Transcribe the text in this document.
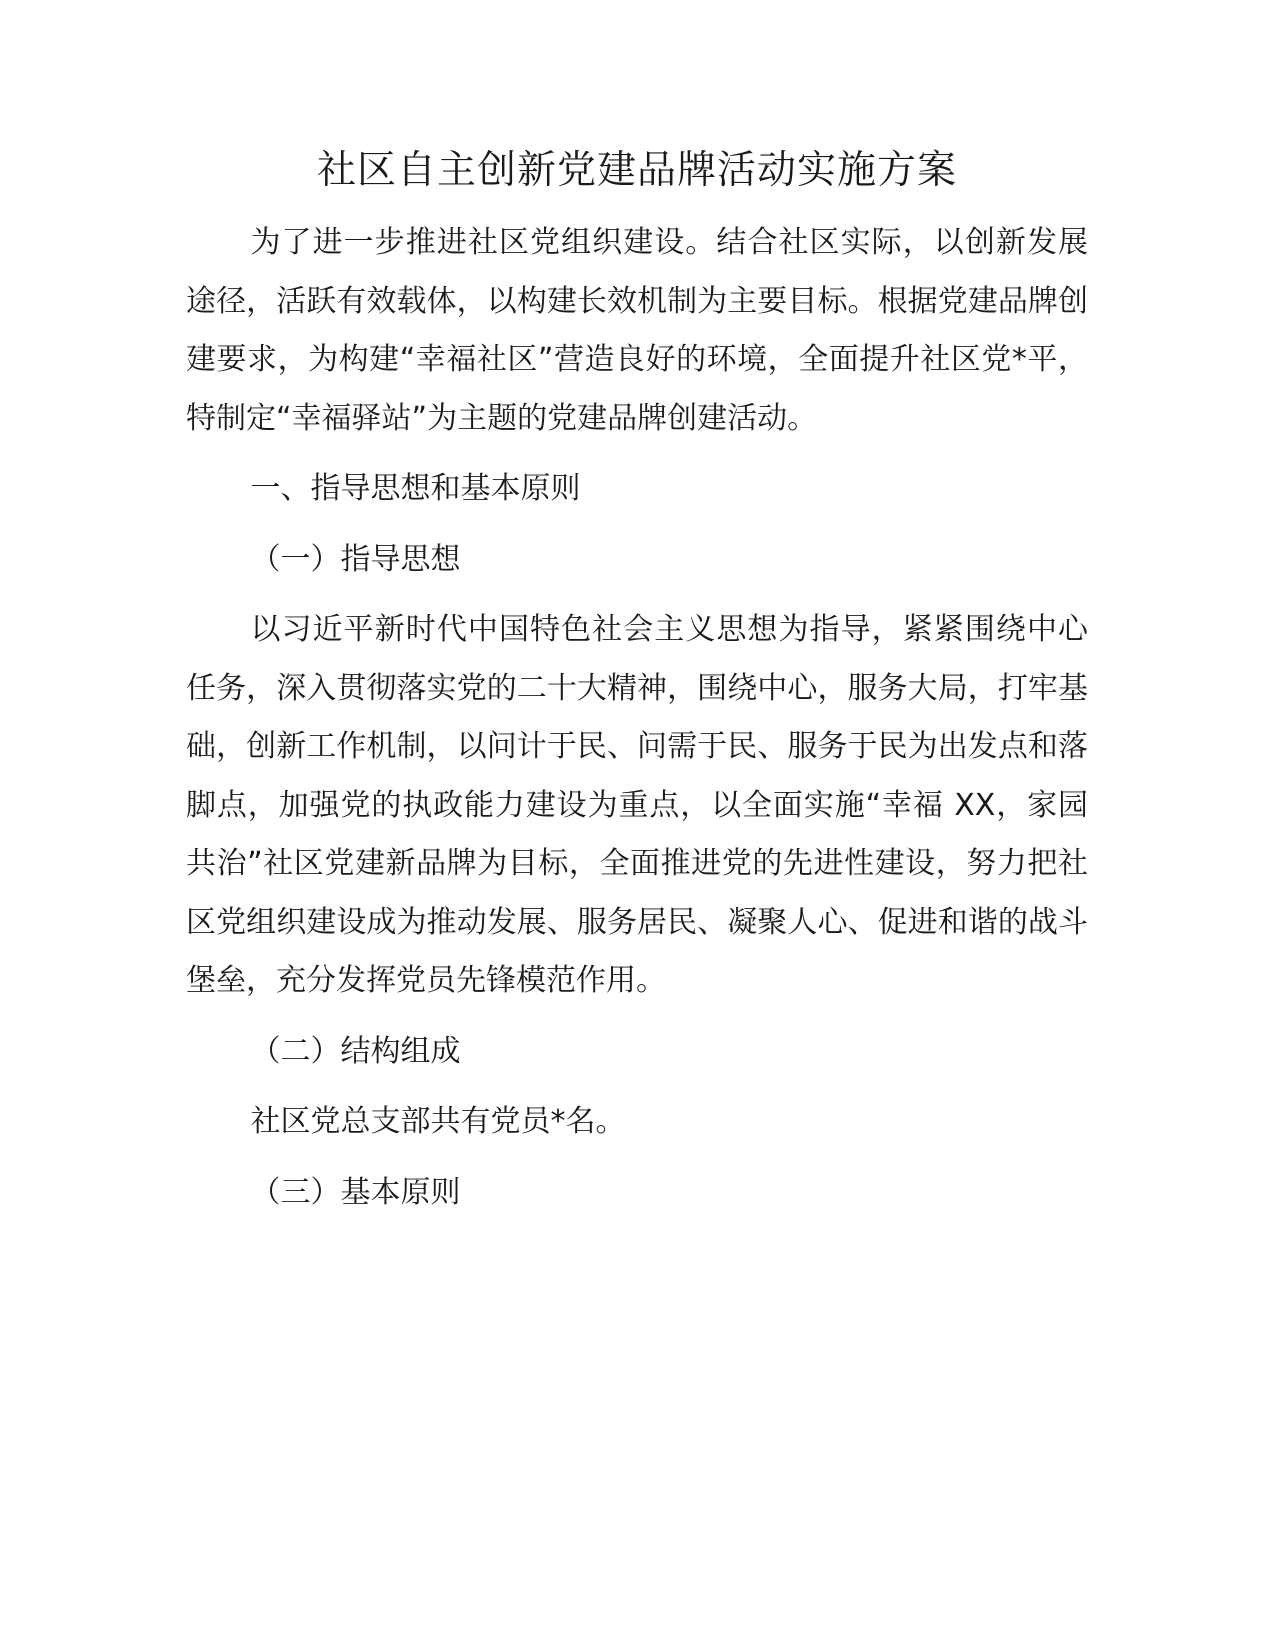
社区自主创新党建品牌活动实施方案

为了进一步推进社区党组织建设。结合社区实际，以创新发展途径，活跃有效载体，以构建长效机制为主要目标。根据党建品牌创建要求，为构建“幸福社区”营造良好的环境，全面提升社区党*平，特制定“幸福驿站”为主题的党建品牌创建活动。

一、指导思想和基本原则

（一）指导思想

以习近平新时代中国特色社会主义思想为指导，紧紧围绕中心任务，深入贯彻落实党的二十大精神，围绕中心，服务大局，打牢基础，创新工作机制，以问计于民、问需于民、服务于民为出发点和落脚点，加强党的执政能力建设为重点，以全面实施“幸福 XX，家园共治”社区党建新品牌为目标，全面推进党的先进性建设，努力把社区党组织建设成为推动发展、服务居民、凝聚人心、促进和谐的战斗堡垒，充分发挥党员先锋模范作用。

（二）结构组成

社区党总支部共有党员*名。

（三）基本原则
